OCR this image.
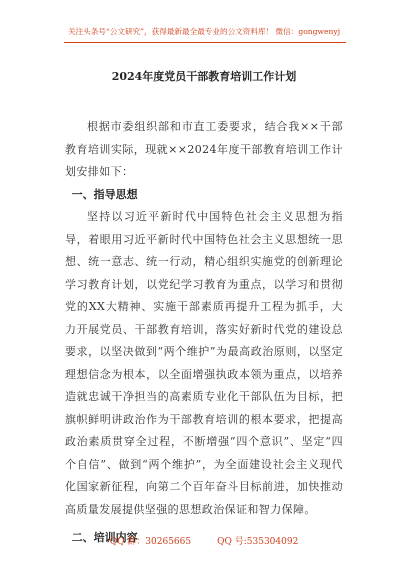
关注头条号“公文研究”，获得最新最全最专业的公文资料库！ 微信：gongwenyj
2024年度党员干部教育培训工作计划

根据市委组织部和市直工委要求，结合我××干部教育培训实际，现就××2024年度干部教育培训工作计划安排如下：

一、指导思想

坚持以习近平新时代中国特色社会主义思想为指导，着眼用习近平新时代中国特色社会主义思想统一思想、统一意志、统一行动，精心组织实施党的创新理论学习教育计划，以党纪学习教育为重点，以学习和贯彻党的XX大精神、实施干部素质再提升工程为抓手，大力开展党员、干部教育培训，落实好新时代党的建设总要求，以坚决做到“两个维护”为最高政治原则，以坚定理想信念为根本，以全面增强执政本领为重点，以培养造就忠诚干净担当的高素质专业化干部队伍为目标，把旗帜鲜明讲政治作为干部教育培训的根本要求，把提高政治素质贯穿全过程，不断增强“四个意识”、坚定“四个自信”、做到“两个维护”，为全面建设社会主义现代化国家新征程，向第二个百年奋斗目标前进，加快推动高质量发展提供坚强的思想政治保证和智力保障。

二、培训内容

QQ 群：30265665	QQ 号:535304092
